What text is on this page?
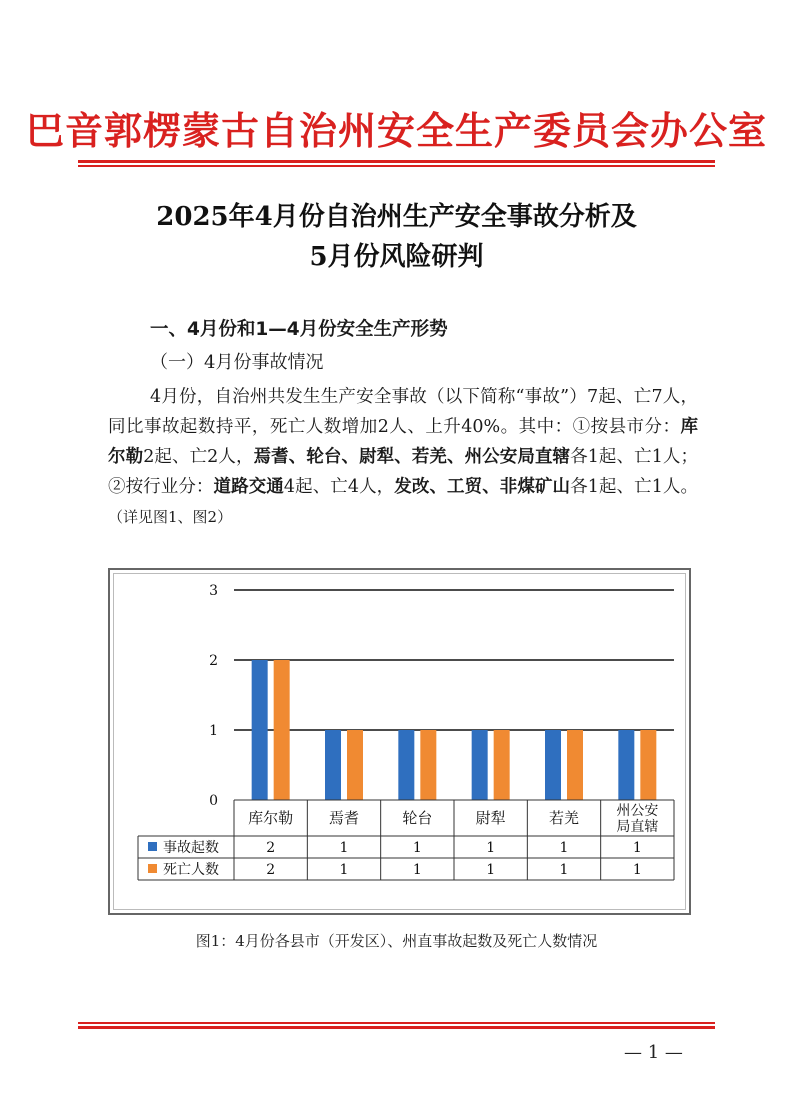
巴音郭楞蒙古自治州安全生产委员会办公室
2025年4月份自治州生产安全事故分析及
5月份风险研判
一、4月份和1—4月份安全生产形势
（一）4月份事故情况

4月份，自治州共发生生产安全事故（以下简称“事故”）7起、亡7人，同比事故起数持平，死亡人数增加2人、上升40%。其中：①按县市分：库尔勒2起、亡2人，焉耆、轮台、尉犁、若羌、州公安局直辖各1起、亡1人；②按行业分：道路交通4起、亡4人，发改、工贸、非煤矿山各1起、亡1人。（详见图1、图2）

0
1
2
3
库尔勒 焉耆	轮台	尉犁	若羌	州公安
局直辖
事故起数	2	1	1	1	1	1
死亡人数	2	1	1	1	1	1
图1：4月份各县市（开发区）、州直事故起数及死亡人数情况
— 1 —
